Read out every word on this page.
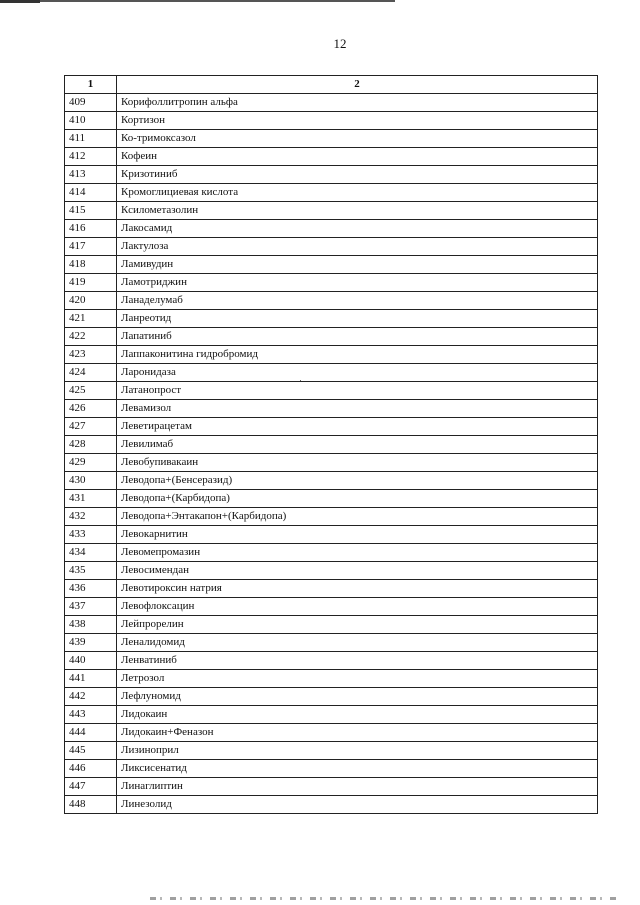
12
1	2
409	Корифоллитропин альфа
410	Кортизон
411	Ко-тримоксазол
412	Кофеин
413	Кризотиниб
414	Кромоглициевая кислота
415	Ксилометазолин
416	Лакосамид
417	Лактулоза
418	Ламивудин
419	Ламотриджин
420	Ланаделумаб
421	Ланреотид
422	Лапатиниб
423	Лаппаконитина гидробромид
424	Ларонидаза
425	Латанопрост
426	Левамизол
427	Леветирацетам
428	Левилимаб
429	Левобупивакаин
430	Леводопа+(Бенсеразид)
431	Леводопа+(Карбидопа)
432	Леводопа+Энтакапон+(Карбидопа)
433	Левокарнитин
434	Левомепромазин
435	Левосимендан
436	Левотироксин натрия
437	Левофлоксацин
438	Лейпрорелин
439	Леналидомид
440	Ленватиниб
441	Летрозол
442	Лефлуномид
443	Лидокаин
444	Лидокаин+Феназон
445	Лизиноприл
446	Ликсисенатид
447	Линаглиптин
448	Линезолид
